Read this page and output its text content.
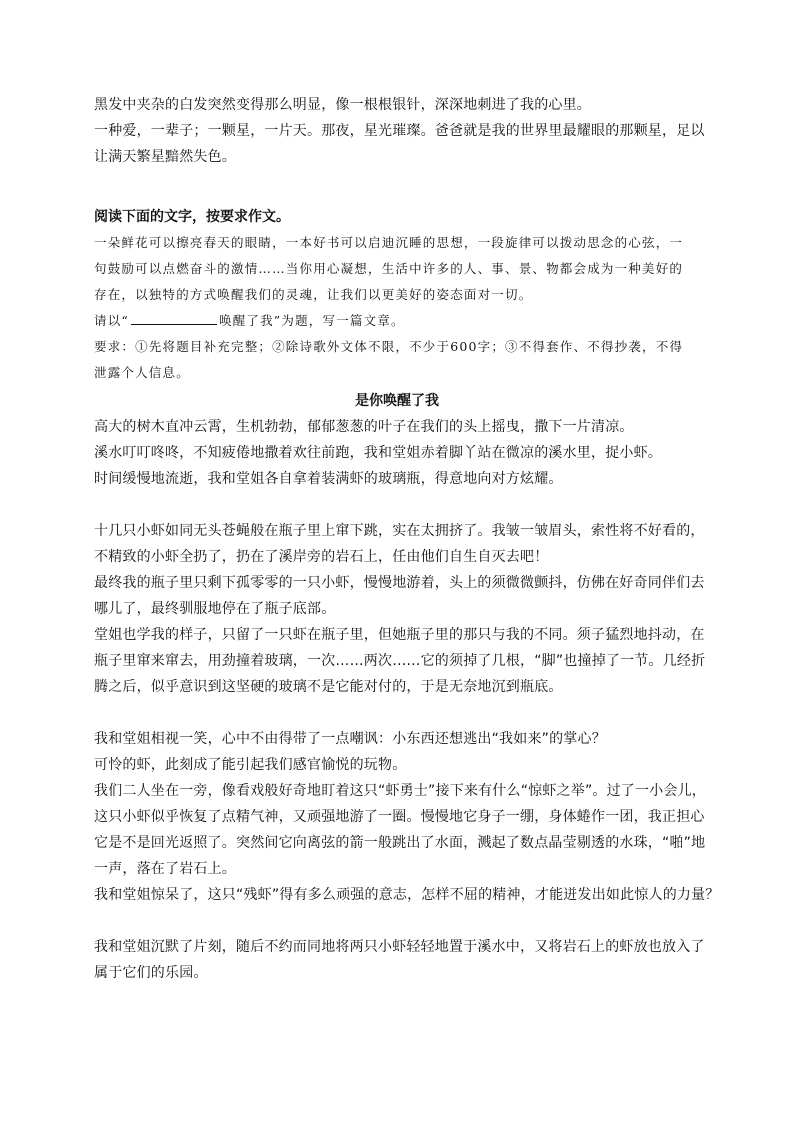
黑发中夹杂的白发突然变得那么明显，像一根根银针，深深地刺进了我的心里。

一种爱，一辈子；一颗星，一片天。那夜，星光璀璨。爸爸就是我的世界里最耀眼的那颗星，足以

让满天繁星黯然失色。

阅读下面的文字，按要求作文。

一朵鲜花可以擦亮春天的眼睛，一本好书可以启迪沉睡的思想，一段旋律可以拨动思念的心弦，一

句鼓励可以点燃奋斗的激情……当你用心凝想，生活中许多的人、事、景、物都会成为一种美好的

存在，以独特的方式唤醒我们的灵魂，让我们以更美好的姿态面对一切。

请以“	唤醒了我”为题，写一篇文章。

要求：①先将题目补充完整；②除诗歌外文体不限，不少于600字；③不得套作、不得抄袭，不得

泄露个人信息。

是你唤醒了我

高大的树木直冲云霄，生机勃勃，郁郁葱葱的叶子在我们的头上摇曳，撒下一片清凉。

溪水叮叮咚咚，不知疲倦地撒着欢往前跑，我和堂姐赤着脚丫站在微凉的溪水里，捉小虾。

时间缓慢地流逝，我和堂姐各自拿着装满虾的玻璃瓶，得意地向对方炫耀。

十几只小虾如同无头苍蝇般在瓶子里上窜下跳，实在太拥挤了。我皱一皱眉头，索性将不好看的，

不精致的小虾全扔了，扔在了溪岸旁的岩石上，任由他们自生自灭去吧！

最终我的瓶子里只剩下孤零零的一只小虾，慢慢地游着，头上的须微微颤抖，仿佛在好奇同伴们去

哪儿了，最终驯服地停在了瓶子底部。

堂姐也学我的样子，只留了一只虾在瓶子里，但她瓶子里的那只与我的不同。须子猛烈地抖动，在

瓶子里窜来窜去，用劲撞着玻璃，一次……两次……它的须掉了几根，“脚”也撞掉了一节。几经折

腾之后，似乎意识到这坚硬的玻璃不是它能对付的，于是无奈地沉到瓶底。

我和堂姐相视一笑，心中不由得带了一点嘲讽：小东西还想逃出“我如来”的掌心？

可怜的虾，此刻成了能引起我们感官愉悦的玩物。

我们二人坐在一旁，像看戏般好奇地盯着这只“虾勇士”接下来有什么“惊虾之举”。过了一小会儿，

这只小虾似乎恢复了点精气神，又顽强地游了一圈。慢慢地它身子一绷，身体蜷作一团，我正担心

它是不是回光返照了。突然间它向离弦的箭一般跳出了水面，溅起了数点晶莹剔透的水珠，“啪”地

一声，落在了岩石上。

我和堂姐惊呆了，这只“残虾”得有多么顽强的意志，怎样不屈的精神，才能迸发出如此惊人的力量？

我和堂姐沉默了片刻，随后不约而同地将两只小虾轻轻地置于溪水中，又将岩石上的虾放也放入了

属于它们的乐园。
